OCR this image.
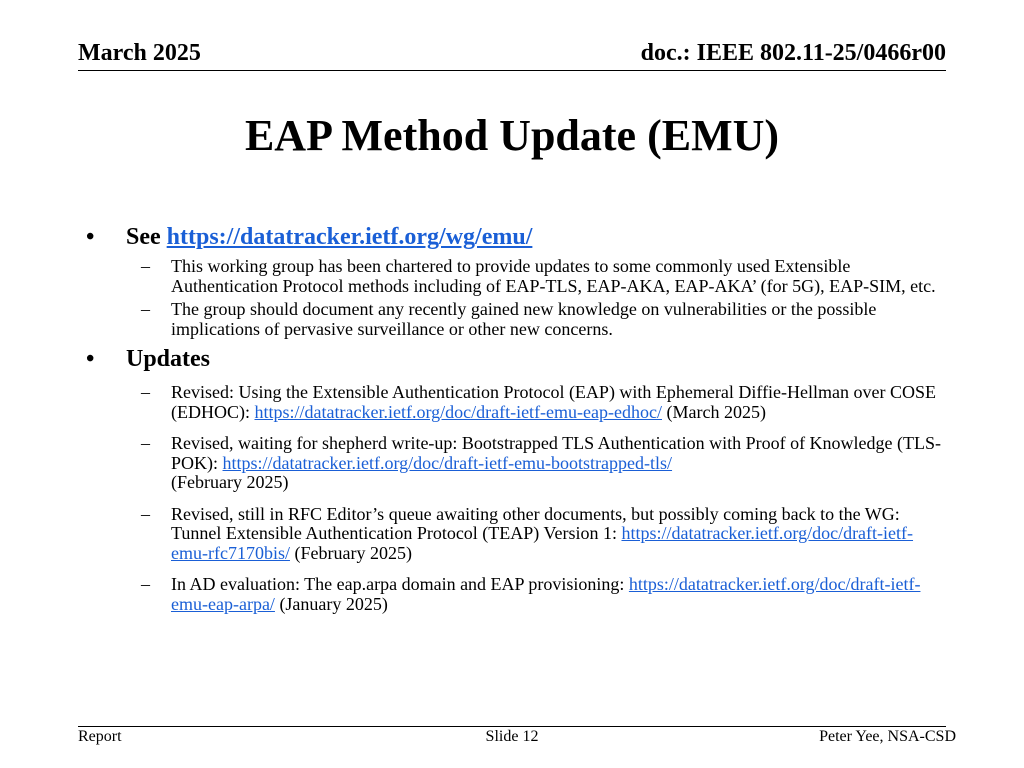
March 2025	doc.: IEEE 802.11-25/0466r00
EAP Method Update (EMU)
• See https://datatracker.ietf.org/wg/emu/
– This working group has been chartered to provide updates to some commonly used Extensible Authentication Protocol methods including of EAP-TLS, EAP-AKA, EAP-AKA’ (for 5G), EAP-SIM, etc.
– The group should document any recently gained new knowledge on vulnerabilities or the possible implications of pervasive surveillance or other new concerns.
• Updates
– Revised: Using the Extensible Authentication Protocol (EAP) with Ephemeral Diffie-Hellman over COSE (EDHOC): https://datatracker.ietf.org/doc/draft-ietf-emu-eap-edhoc/ (March 2025)
– Revised, waiting for shepherd write-up: Bootstrapped TLS Authentication with Proof of Knowledge (TLS-POK): https://datatracker.ietf.org/doc/draft-ietf-emu-bootstrapped-tls/
(February 2025)
– Revised, still in RFC Editor’s queue awaiting other documents, but possibly coming back to the WG: Tunnel Extensible Authentication Protocol (TEAP) Version 1: https://datatracker.ietf.org/doc/draft-ietf-emu-rfc7170bis/ (February 2025)
– In AD evaluation: The eap.arpa domain and EAP provisioning: https://datatracker.ietf.org/doc/draft-ietf-emu-eap-arpa/ (January 2025)
Report	Slide 12	Peter Yee, NSA-CSD
